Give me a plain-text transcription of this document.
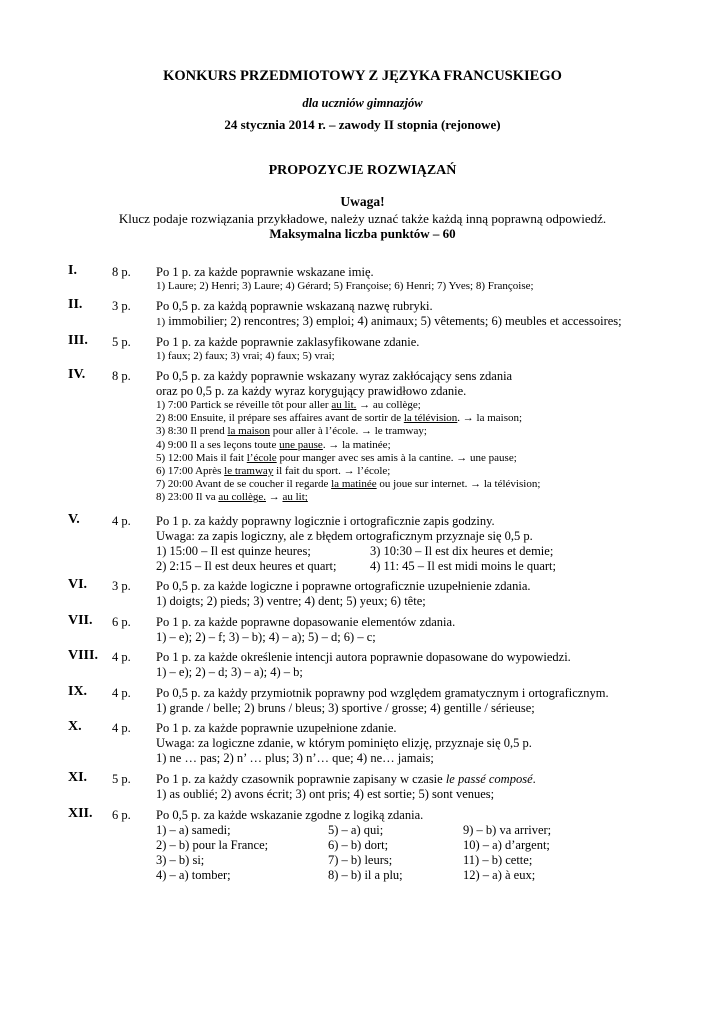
KONKURS PRZEDMIOTOWY Z JĘZYKA FRANCUSKIEGO
dla uczniów gimnazjów
24 stycznia 2014 r. – zawody II stopnia (rejonowe)
PROPOZYCJE ROZWIĄZAŃ
Uwaga!
Klucz podaje rozwiązania przykładowe, należy uznać także każdą inną poprawną odpowiedź.
Maksymalna liczba punktów – 60
I.	8 p. Po 1 p. za każde poprawnie wskazane imię.
1) Laure; 2) Henri; 3) Laure; 4) Gérard; 5) Françoise; 6) Henri; 7) Yves; 8) Françoise;
II. 3 p. Po 0,5 p. za każdą poprawnie wskazaną nazwę rubryki.
1) immobilier; 2) rencontres; 3) emploi; 4) animaux; 5) vêtements; 6) meubles et accessoires;
III. 5 p. Po 1 p. za każde poprawnie zaklasyfikowane zdanie.
1) faux; 2) faux; 3) vrai; 4) faux; 5) vrai;
IV. 8 p. Po 0,5 p. za każdy poprawnie wskazany wyraz zakłócający sens zdania
oraz po 0,5 p. za każdy wyraz korygujący prawidłowo zdanie.
1) 7:00 Partick se réveille tôt pour aller au lit. → au collège;
2) 8:00 Ensuite, il prépare ses affaires avant de sortir de la télévision. → la maison;
3) 8:30 Il prend la maison pour aller à l’école. → le tramway;
4) 9:00 Il a ses leçons toute une pause. → la matinée;
5) 12:00 Mais il fait l’école pour manger avec ses amis à la cantine. → une pause;
6) 17:00 Après le tramway il fait du sport. → l’école;
7) 20:00 Avant de se coucher il regarde la matinée ou joue sur internet. → la télévision;
8) 23:00 Il va au collège. → au lit;
V.	4 p. Po 1 p. za każdy poprawny logicznie i ortograficznie zapis godziny.
Uwaga: za zapis logiczny, ale z błędem ortograficznym przyznaje się 0,5 p.
1) 15:00 – Il est quinze heures;	3) 10:30 – Il est dix heures et demie;
2) 2:15 – Il est deux heures et quart;	4) 11: 45 – Il est midi moins le quart;
VI. 3 p. Po 0,5 p. za każde logiczne i poprawne ortograficznie uzupełnienie zdania.
1) doigts; 2) pieds; 3) ventre; 4) dent; 5) yeux; 6) tête;
VII. 6 p. Po 1 p. za każde poprawne dopasowanie elementów zdania.
1) – e); 2) – f; 3) – b); 4) – a); 5) – d; 6) – c;
VIII. 4 p. Po 1 p. za każde określenie intencji autora poprawnie dopasowane do wypowiedzi.
1) – e); 2) – d; 3) – a); 4) – b;
IX. 4 p. Po 0,5 p. za każdy przymiotnik poprawny pod względem gramatycznym i ortograficznym.
1) grande / belle; 2) bruns / bleus; 3) sportive / grosse; 4) gentille / sérieuse;
X. 4 p. Po 1 p. za każde poprawnie uzupełnione zdanie.
Uwaga: za logiczne zdanie, w którym pominięto elizję, przyznaje się 0,5 p.
1) ne … pas; 2) n’ … plus; 3) n’… que; 4) ne… jamais;
XI. 5 p. Po 1 p. za każdy czasownik poprawnie zapisany w czasie le passé composé.
1) as oublié; 2) avons écrit; 3) ont pris; 4) est sortie; 5) sont venues;
XII. 6 p. Po 0,5 p. za każde wskazanie zgodne z logiką zdania.
1) – a) samedi;	5) – a) qui;	9) – b) va arriver;
2) – b) pour la France;	6) – b) dort;	10) – a) d’argent;
3) – b) si;	7) – b) leurs;	11) – b) cette;
4) – a) tomber;	8) – b) il a plu;	12) – a) à eux;
